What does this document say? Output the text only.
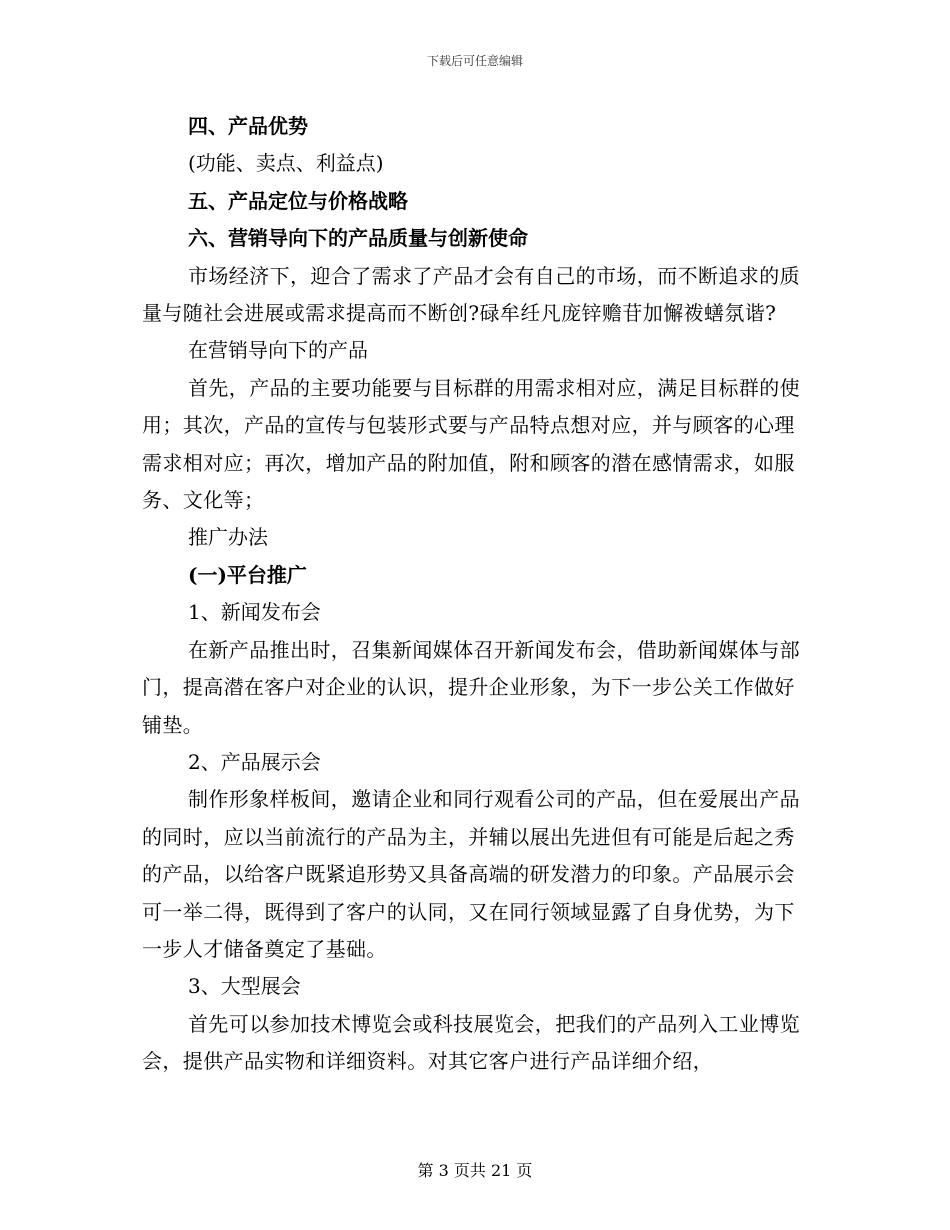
下载后可任意编辑

四、产品优势

(功能、卖点、利益点)

五、产品定位与价格战略

六、营销导向下的产品质量与创新使命

市场经济下，迎合了需求了产品才会有自己的市场，而不断追求的质量与随社会进展或需求提高而不断创?碌牟纴凡庞锌赡苷加懈袯蟮氛谐?

在营销导向下的产品

首先，产品的主要功能要与目标群的用需求相对应，满足目标群的使用；其次，产品的宣传与包装形式要与产品特点想对应，并与顾客的心理需求相对应；再次，增加产品的附加值，附和顾客的潜在感情需求，如服务、文化等；

推广办法

(一)平台推广

1、新闻发布会

在新产品推出时，召集新闻媒体召开新闻发布会，借助新闻媒体与部门，提高潜在客户对企业的认识，提升企业形象，为下一步公关工作做好铺垫。

2、产品展示会

制作形象样板间，邀请企业和同行观看公司的产品，但在爱展出产品的同时，应以当前流行的产品为主，并辅以展出先进但有可能是后起之秀的产品，以给客户既紧追形势又具备高端的研发潜力的印象。产品展示会可一举二得，既得到了客户的认同，又在同行领域显露了自身优势，为下一步人才储备奠定了基础。

3、大型展会

首先可以参加技术博览会或科技展览会，把我们的产品列入工业博览会，提供产品实物和详细资料。对其它客户进行产品详细介绍，

第 3 页共 21 页
